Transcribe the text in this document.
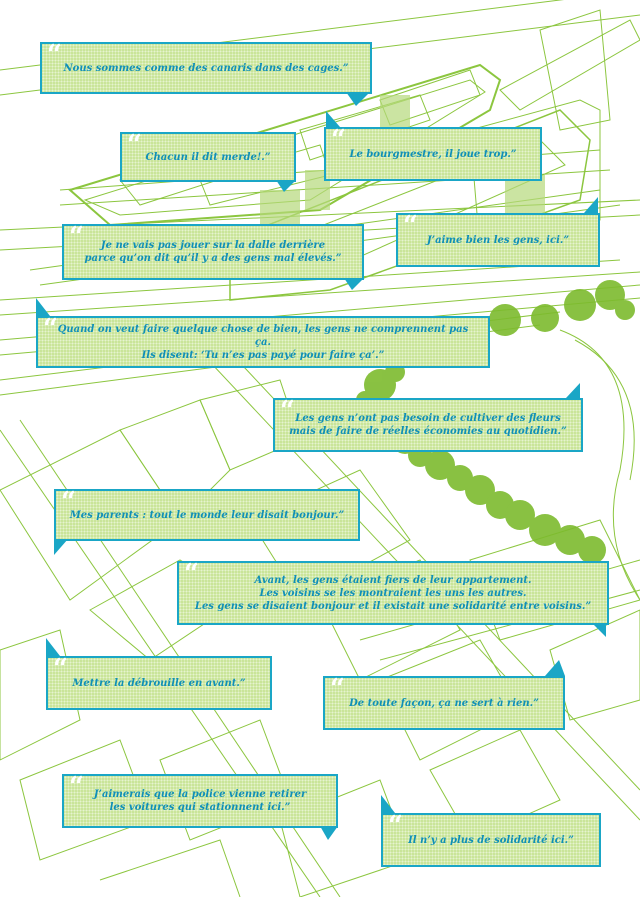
“ Nous sommes comme des canaris dans des cages.”
“ Chacun il dit merde!.”
“ Le bourgmestre, il joue trop.”
“	Je ne vais pas jouer sur la dalle derrière
parce qu’on dit qu’il y a des gens mal élevés.”
“ J’aime bien les gens, ici.”
“ Quand on veut faire quelque chose de bien, les gens ne comprennent pas ça.
Ils disent: ‘Tu n’es pas payé pour faire ça’.”
“ Les gens n’ont pas besoin de cultiver des fleurs
mais de faire de réelles économies au quotidien.”
“
Mes parents : tout le monde leur disait bonjour.”
“	Avant, les gens étaient fiers de leur appartement.
Les voisins se les montraient les uns les autres.
Les gens se disaient bonjour et il existait une solidarité entre voisins.”
“ Mettre la débrouille en avant.”	“ De toute façon, ça ne sert à rien.”
“ J’aimerais que la police vienne retirer
les voitures qui stationnent ici.”
“ Il n’y a plus de solidarité ici.”
